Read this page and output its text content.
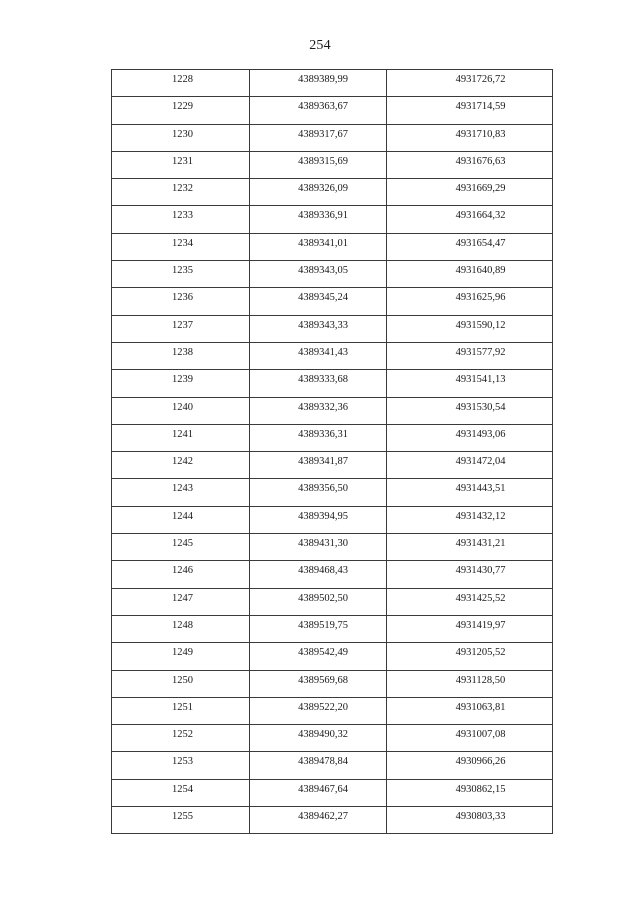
254
1228	4389389,99	4931726,72
1229	4389363,67	4931714,59
1230	4389317,67	4931710,83
1231	4389315,69	4931676,63
1232	4389326,09	4931669,29
1233	4389336,91	4931664,32
1234	4389341,01	4931654,47
1235	4389343,05	4931640,89
1236	4389345,24	4931625,96
1237	4389343,33	4931590,12
1238	4389341,43	4931577,92
1239	4389333,68	4931541,13
1240	4389332,36	4931530,54
1241	4389336,31	4931493,06
1242	4389341,87	4931472,04
1243	4389356,50	4931443,51
1244	4389394,95	4931432,12
1245	4389431,30	4931431,21
1246	4389468,43	4931430,77
1247	4389502,50	4931425,52
1248	4389519,75	4931419,97
1249	4389542,49	4931205,52
1250	4389569,68	4931128,50
1251	4389522,20	4931063,81
1252	4389490,32	4931007,08
1253	4389478,84	4930966,26
1254	4389467,64	4930862,15
1255	4389462,27	4930803,33
